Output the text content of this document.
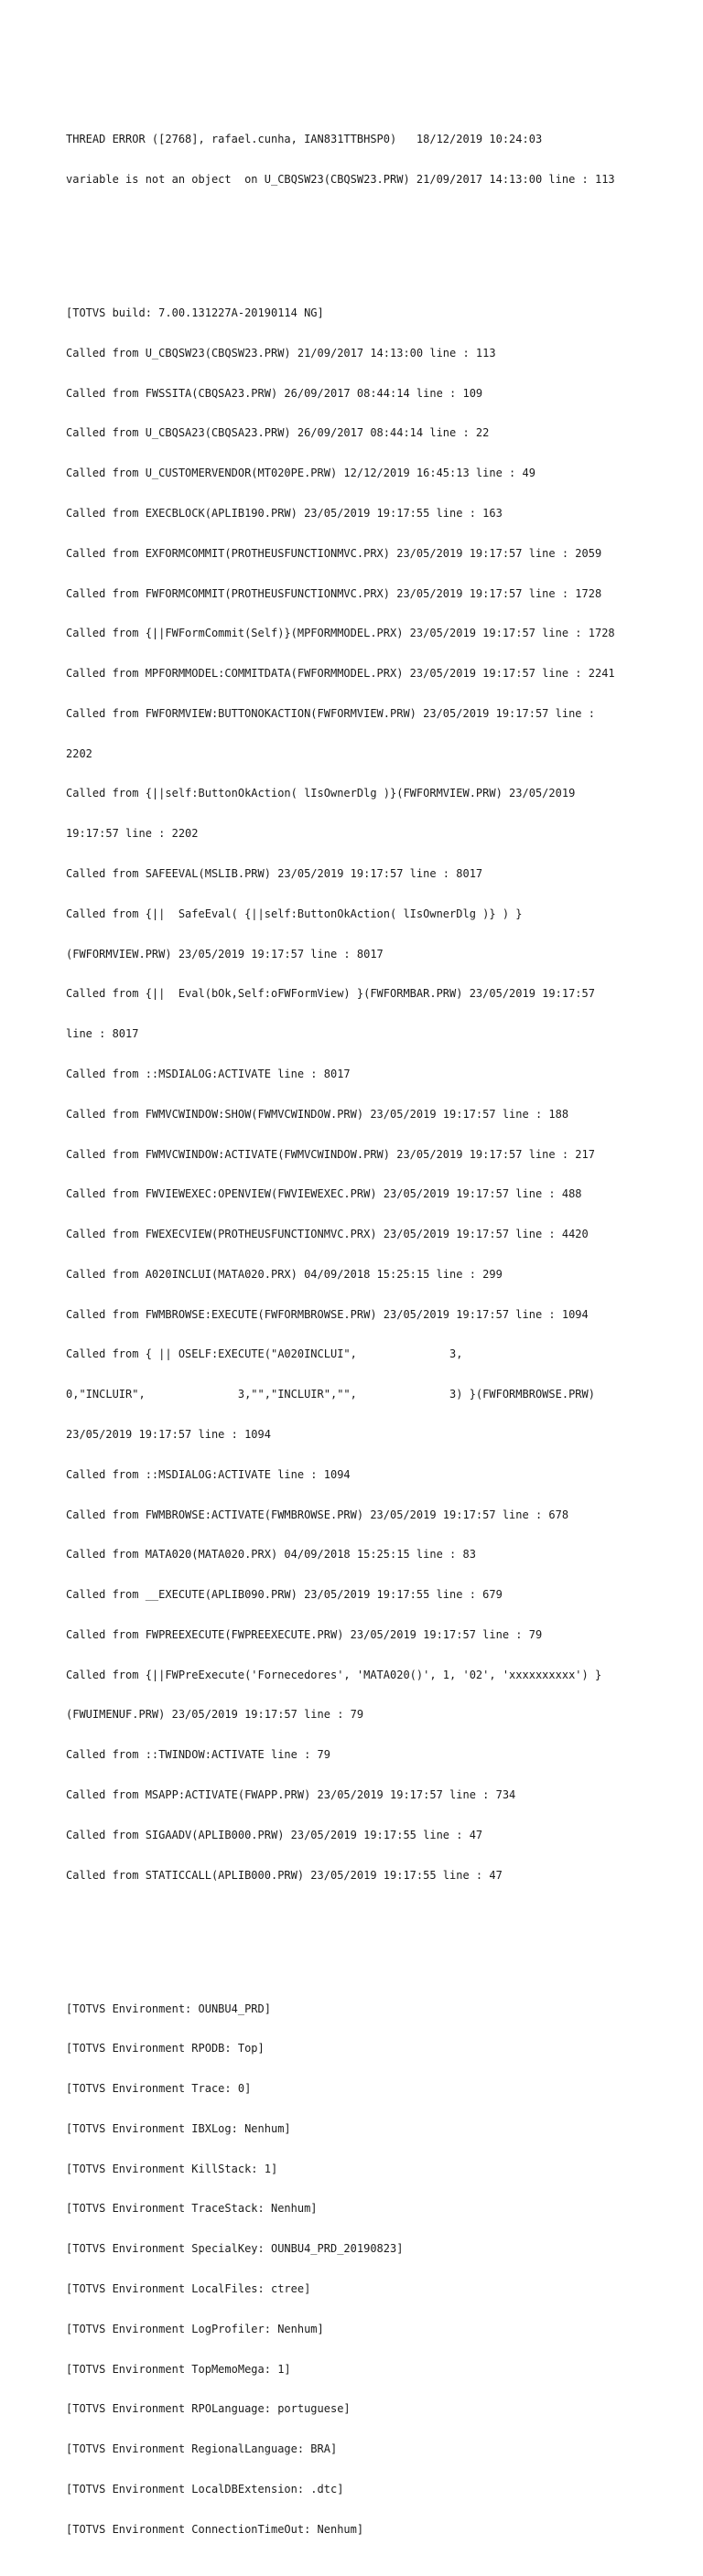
THREAD ERROR ([2768], rafael.cunha, IAN831TTBHSP0)   18/12/2019 10:24:03

variable is not an object  on U_CBQSW23(CBQSW23.PRW) 21/09/2017 14:13:00 line : 113

[TOTVS build: 7.00.131227A-20190114 NG]

Called from U_CBQSW23(CBQSW23.PRW) 21/09/2017 14:13:00 line : 113

Called from FWSSITA(CBQSA23.PRW) 26/09/2017 08:44:14 line : 109

Called from U_CBQSA23(CBQSA23.PRW) 26/09/2017 08:44:14 line : 22

Called from U_CUSTOMERVENDOR(MT020PE.PRW) 12/12/2019 16:45:13 line : 49

Called from EXECBLOCK(APLIB190.PRW) 23/05/2019 19:17:55 line : 163

Called from EXFORMCOMMIT(PROTHEUSFUNCTIONMVC.PRX) 23/05/2019 19:17:57 line : 2059

Called from FWFORMCOMMIT(PROTHEUSFUNCTIONMVC.PRX) 23/05/2019 19:17:57 line : 1728

Called from {||FWFormCommit(Self)}(MPFORMMODEL.PRX) 23/05/2019 19:17:57 line : 1728

Called from MPFORMMODEL:COMMITDATA(FWFORMMODEL.PRX) 23/05/2019 19:17:57 line : 2241

Called from FWFORMVIEW:BUTTONOKACTION(FWFORMVIEW.PRW) 23/05/2019 19:17:57 line :

2202

Called from {||self:ButtonOkAction( lIsOwnerDlg )}(FWFORMVIEW.PRW) 23/05/2019

19:17:57 line : 2202

Called from SAFEEVAL(MSLIB.PRW) 23/05/2019 19:17:57 line : 8017

Called from {||  SafeEval( {||self:ButtonOkAction( lIsOwnerDlg )} ) }

(FWFORMVIEW.PRW) 23/05/2019 19:17:57 line : 8017

Called from {||  Eval(bOk,Self:oFWFormView) }(FWFORMBAR.PRW) 23/05/2019 19:17:57

line : 8017

Called from ::MSDIALOG:ACTIVATE line : 8017

Called from FWMVCWINDOW:SHOW(FWMVCWINDOW.PRW) 23/05/2019 19:17:57 line : 188

Called from FWMVCWINDOW:ACTIVATE(FWMVCWINDOW.PRW) 23/05/2019 19:17:57 line : 217

Called from FWVIEWEXEC:OPENVIEW(FWVIEWEXEC.PRW) 23/05/2019 19:17:57 line : 488

Called from FWEXECVIEW(PROTHEUSFUNCTIONMVC.PRX) 23/05/2019 19:17:57 line : 4420

Called from A020INCLUI(MATA020.PRX) 04/09/2018 15:25:15 line : 299

Called from FWMBROWSE:EXECUTE(FWFORMBROWSE.PRW) 23/05/2019 19:17:57 line : 1094

Called from { || OSELF:EXECUTE("A020INCLUI",              3,

0,"INCLUIR",              3,"","INCLUIR","",              3) }(FWFORMBROWSE.PRW)

23/05/2019 19:17:57 line : 1094

Called from ::MSDIALOG:ACTIVATE line : 1094

Called from FWMBROWSE:ACTIVATE(FWMBROWSE.PRW) 23/05/2019 19:17:57 line : 678

Called from MATA020(MATA020.PRX) 04/09/2018 15:25:15 line : 83

Called from __EXECUTE(APLIB090.PRW) 23/05/2019 19:17:55 line : 679

Called from FWPREEXECUTE(FWPREEXECUTE.PRW) 23/05/2019 19:17:57 line : 79

Called from {||FWPreExecute('Fornecedores', 'MATA020()', 1, '02', 'xxxxxxxxxx') }

(FWUIMENUF.PRW) 23/05/2019 19:17:57 line : 79

Called from ::TWINDOW:ACTIVATE line : 79

Called from MSAPP:ACTIVATE(FWAPP.PRW) 23/05/2019 19:17:57 line : 734

Called from SIGAADV(APLIB000.PRW) 23/05/2019 19:17:55 line : 47

Called from STATICCALL(APLIB000.PRW) 23/05/2019 19:17:55 line : 47

[TOTVS Environment: OUNBU4_PRD]

[TOTVS Environment RPODB: Top]

[TOTVS Environment Trace: 0]

[TOTVS Environment IBXLog: Nenhum]

[TOTVS Environment KillStack: 1]

[TOTVS Environment TraceStack: Nenhum]

[TOTVS Environment SpecialKey: OUNBU4_PRD_20190823]

[TOTVS Environment LocalFiles: ctree]

[TOTVS Environment LogProfiler: Nenhum]

[TOTVS Environment TopMemoMega: 1]

[TOTVS Environment RPOLanguage: portuguese]

[TOTVS Environment RegionalLanguage: BRA]

[TOTVS Environment LocalDBExtension: .dtc]

[TOTVS Environment ConnectionTimeOut: Nenhum]
